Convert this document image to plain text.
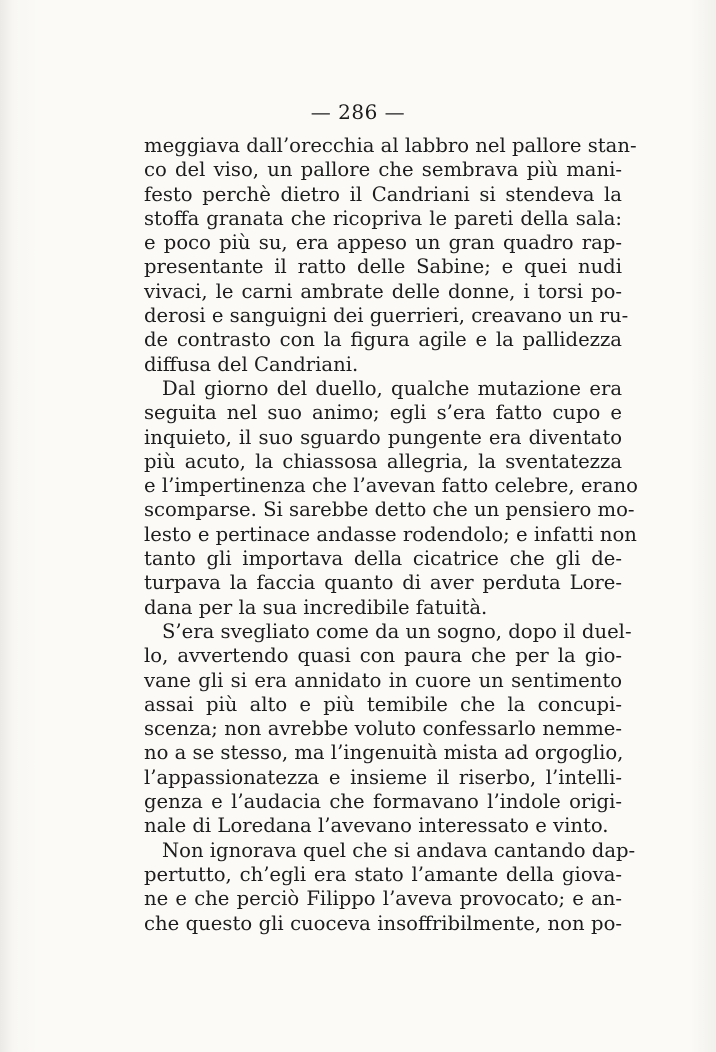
— 286 —
meggiava dall’orecchia al labbro nel pallore stan-
co del viso, un pallore che sembrava più mani-
festo perchè dietro il Candriani si stendeva la
stoffa granata che ricopriva le pareti della sala:
e poco più su, era appeso un gran quadro rap-
presentante il ratto delle Sabine; e quei nudi
vivaci, le carni ambrate delle donne, i torsi po-
derosi e sanguigni dei guerrieri, creavano un ru-
de contrasto con la figura agile e la pallidezza
diffusa del Candriani.
Dal giorno del duello, qualche mutazione era
seguita nel suo animo; egli s’era fatto cupo e
inquieto, il suo sguardo pungente era diventato
più acuto, la chiassosa allegria, la sventatezza
e l’impertinenza che l’avevan fatto celebre, erano
scomparse. Si sarebbe detto che un pensiero mo-
lesto e pertinace andasse rodendolo; e infatti non
tanto gli importava della cicatrice che gli de-
turpava la faccia quanto di aver perduta Lore-
dana per la sua incredibile fatuità.
S’era svegliato come da un sogno, dopo il duel-
lo, avvertendo quasi con paura che per la gio-
vane gli si era annidato in cuore un sentimento
assai più alto e più temibile che la concupi-
scenza; non avrebbe voluto confessarlo nemme-
no a se stesso, ma l’ingenuità mista ad orgoglio,
l’appassionatezza e insieme il riserbo, l’intelli-
genza e l’audacia che formavano l’indole origi-
nale di Loredana l’avevano interessato e vinto.
Non ignorava quel che si andava cantando dap-
pertutto, ch’egli era stato l’amante della giova-
ne e che perciò Filippo l’aveva provocato; e an-
che questo gli cuoceva insoffribilmente, non po-
